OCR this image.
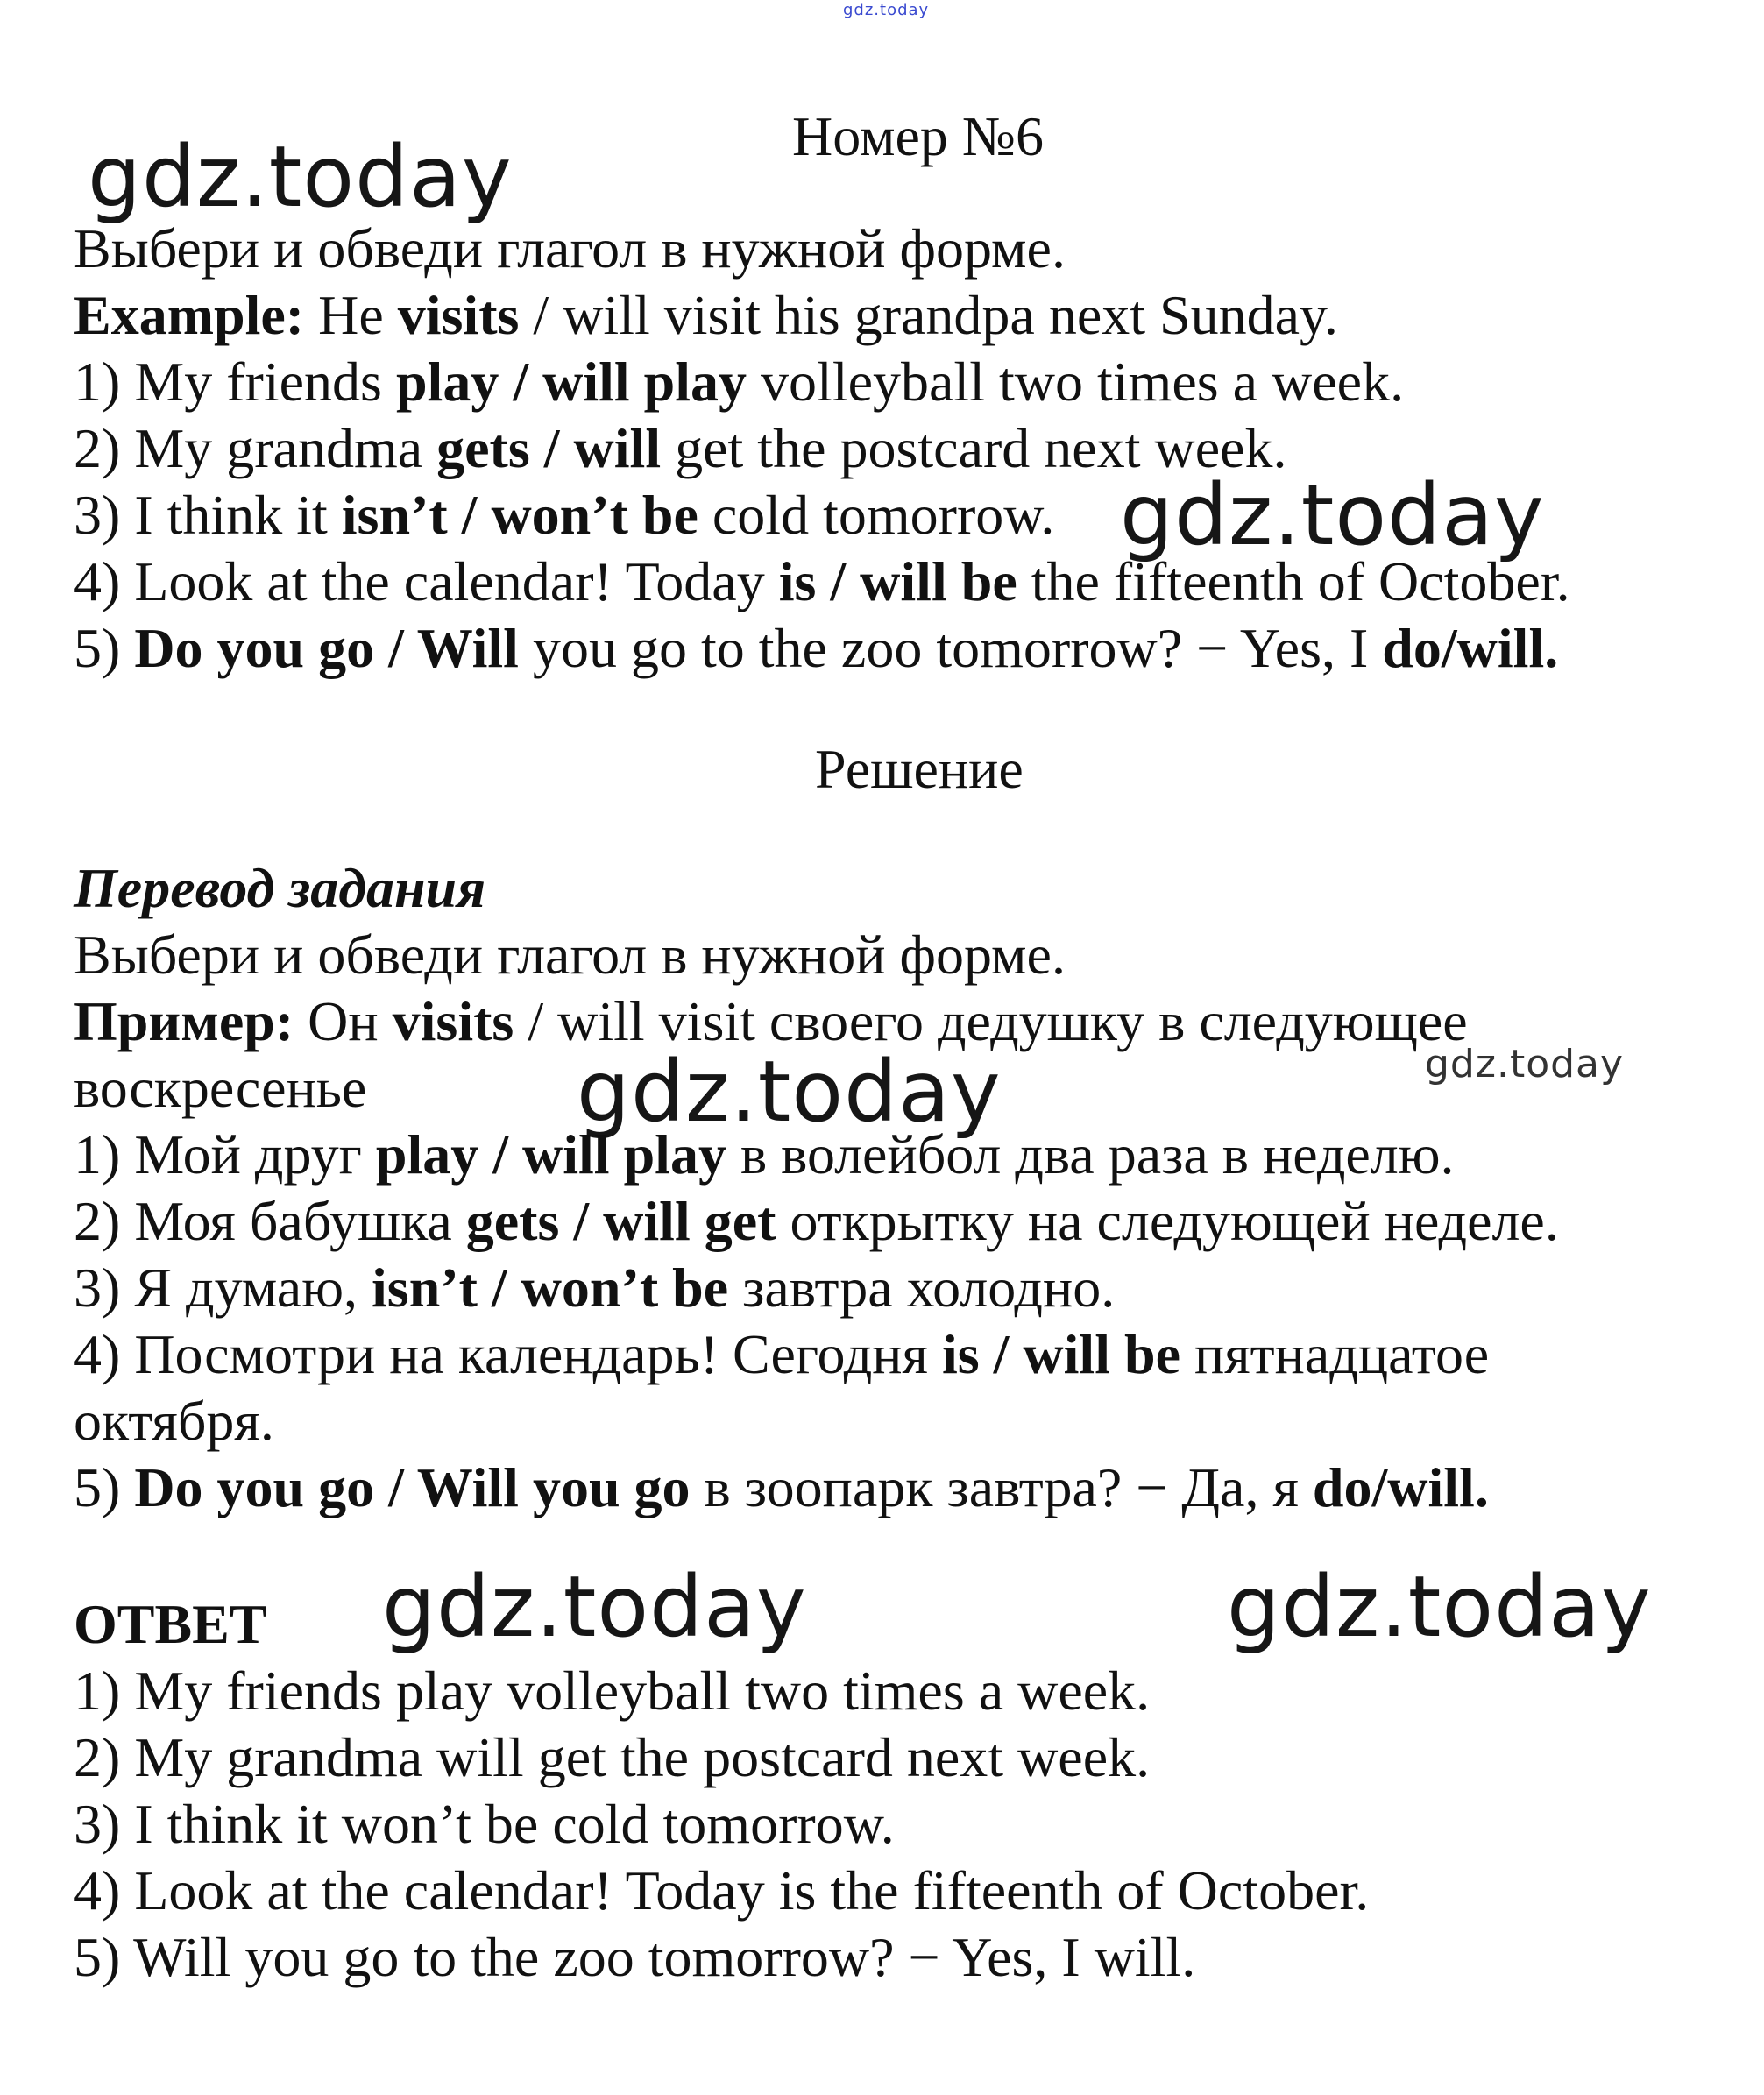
gdz.today
Номер №6
gdz.today
Выбери и обведи глагол в нужной форме.
Example: He visits / will visit his grandpa next Sunday.
1) My friends play / will play volleyball two times a week.
2) My grandma gets / will get the postcard next week.
3) I think it isn’t / won’t be cold tomorrow. gdz.today
4) Look at the calendar! Today is / will be the fifteenth of October.
5) Do you go / Will you go to the zoo tomorrow? − Yes, I do/will.
Решение
Перевод задания
Выбери и обведи глагол в нужной форме.
Пример: Он visits / will visit своего дедушку в следующее
воскресенье gdz.today	gdz.today
1) Мой друг play / will play в волейбол два раза в неделю.
2) Моя бабушка gets / will get открытку на следующей неделе.
3) Я думаю, isn’t / won’t be завтра холодно.
4) Посмотри на календарь! Сегодня is / will be пятнадцатое
октября.
5) Do you go / Will you go в зоопарк завтра? − Да, я do/will.
ОТВЕТ gdz.today	gdz.today
1) My friends play volleyball two times a week.
2) My grandma will get the postcard next week.
3) I think it won’t be cold tomorrow.
4) Look at the calendar! Today is the fifteenth of October.
5) Will you go to the zoo tomorrow? − Yes, I will.
